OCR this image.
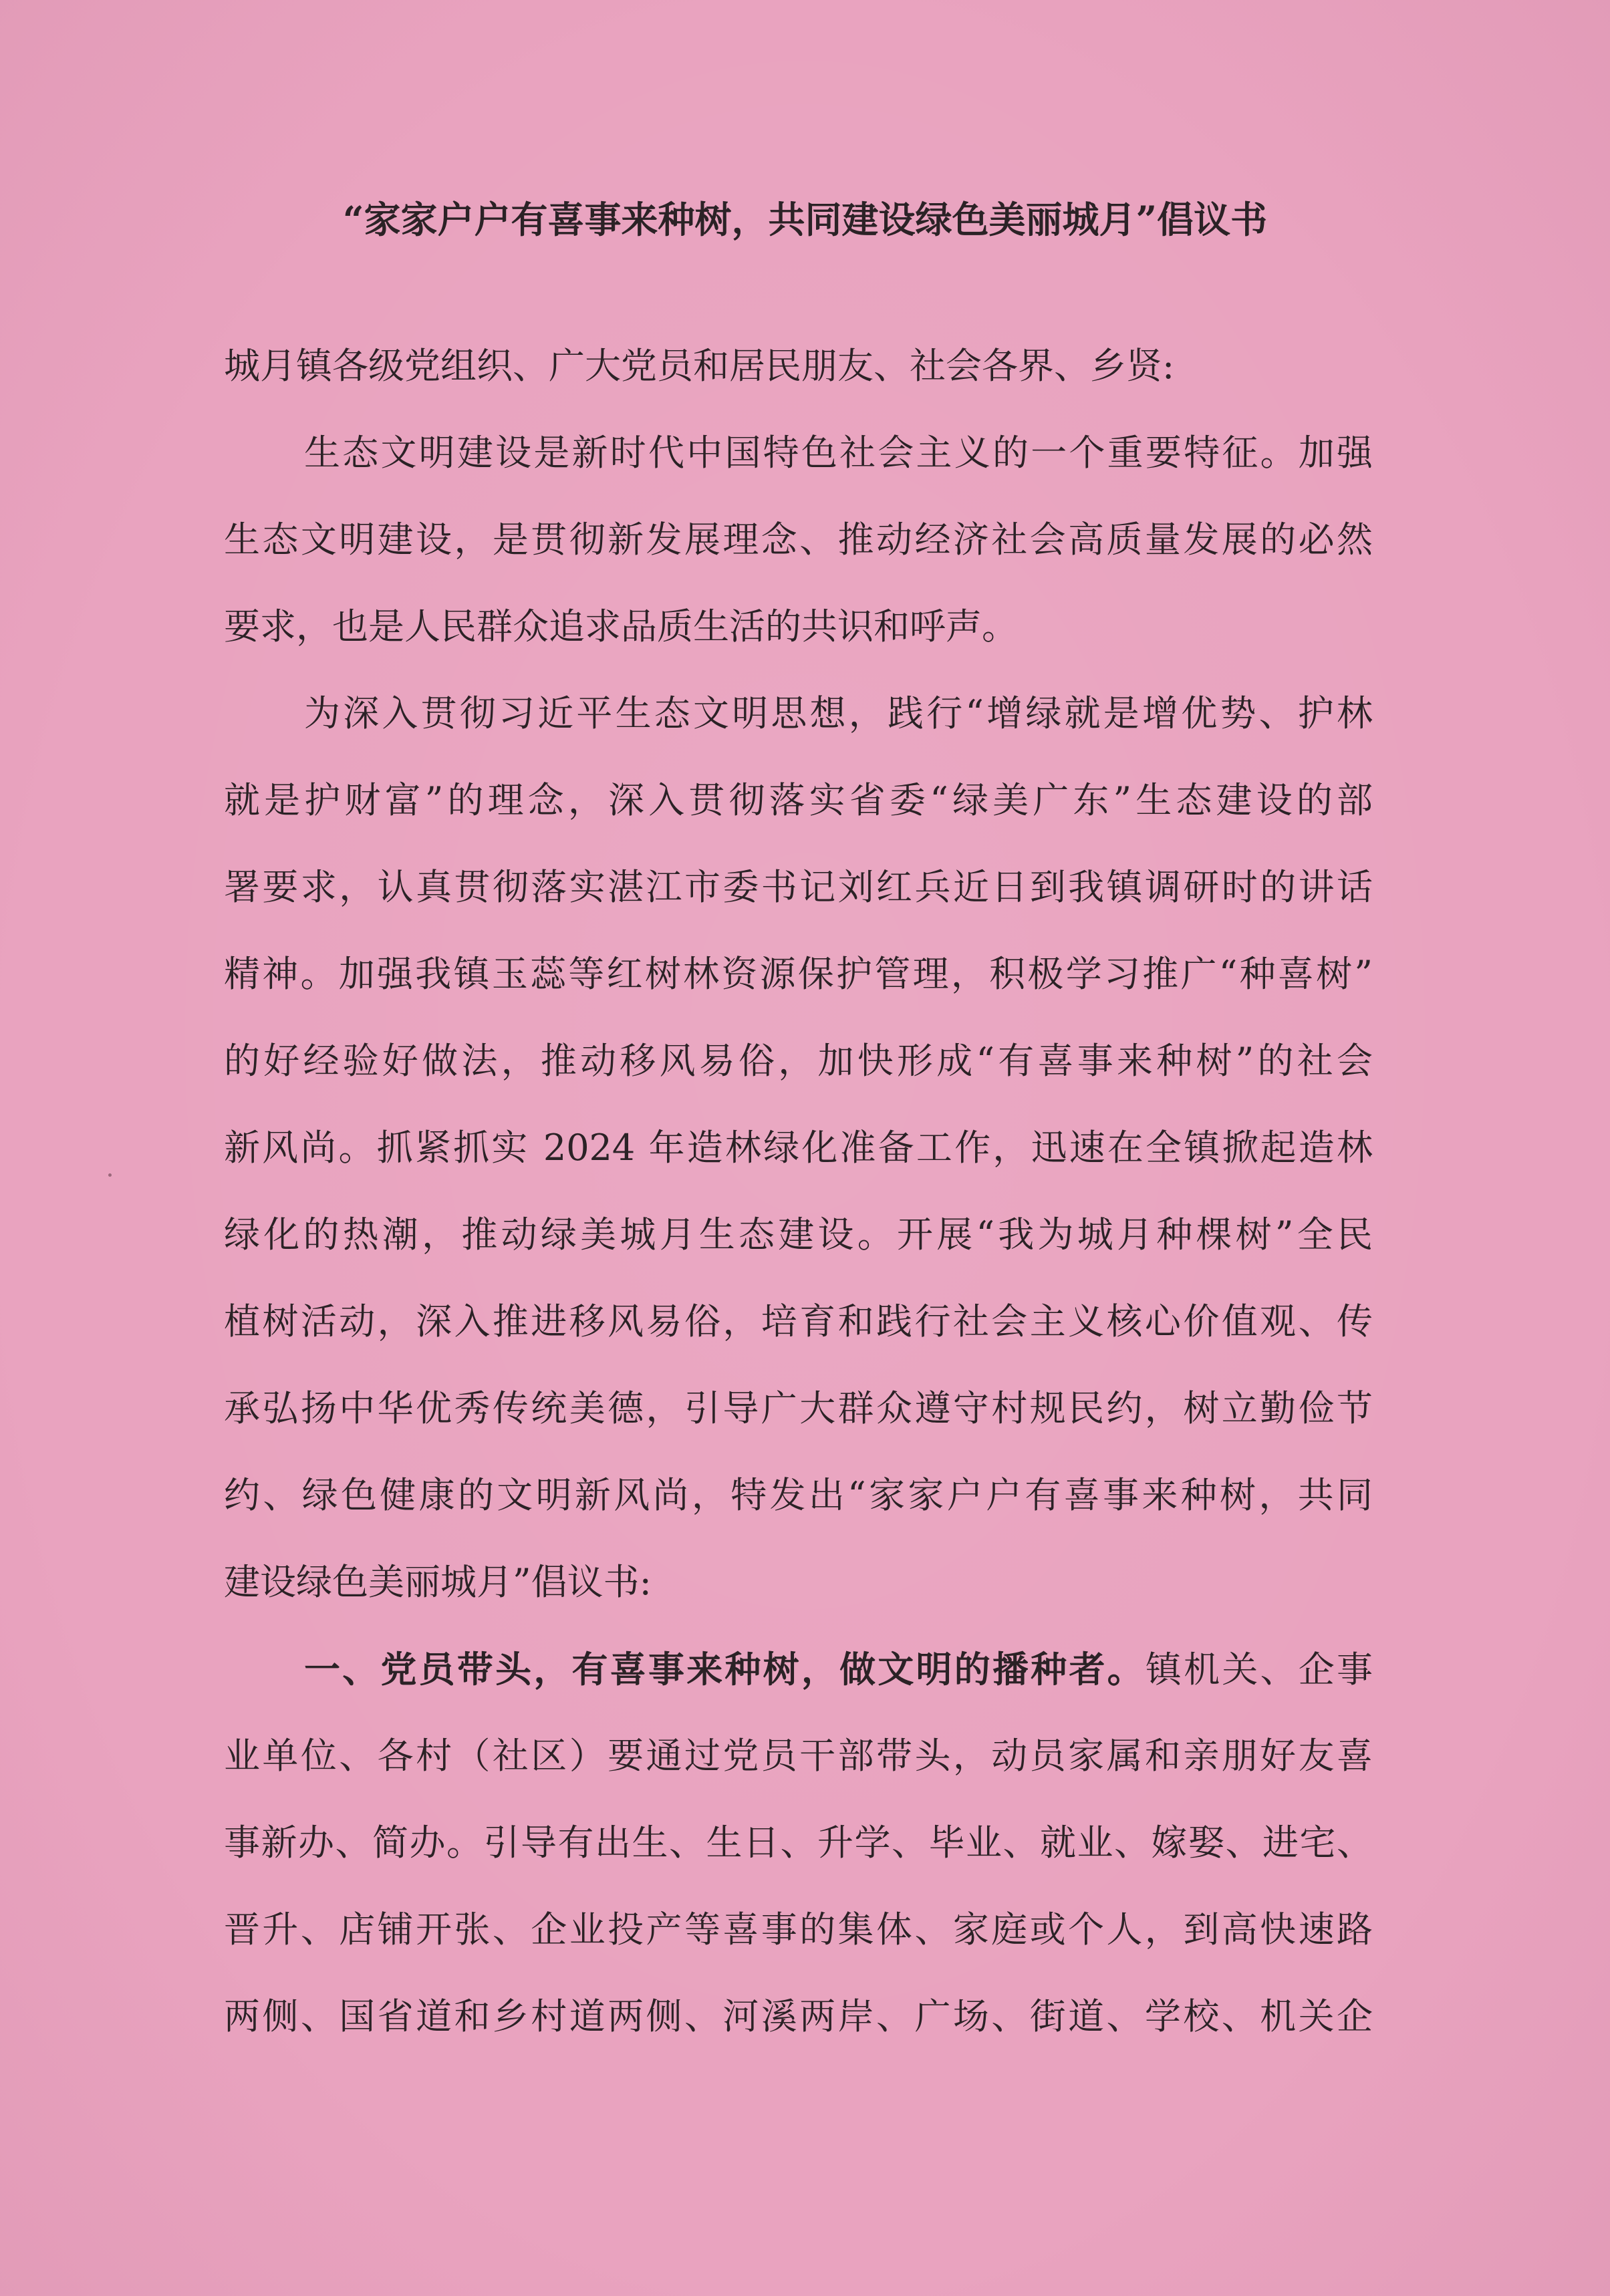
“家家户户有喜事来种树，共同建设绿色美丽城月”倡议书
城月镇各级党组织、广大党员和居民朋友、社会各界、乡贤:
生态文明建设是新时代中国特色社会主义的一个重要特征。加强
生态文明建设，是贯彻新发展理念、推动经济社会高质量发展的必然
要求，也是人民群众追求品质生活的共识和呼声。
为深入贯彻习近平生态文明思想，践行“增绿就是增优势、护林
就是护财富”的理念，深入贯彻落实省委“绿美广东”生态建设的部
署要求，认真贯彻落实湛江市委书记刘红兵近日到我镇调研时的讲话
精神。加强我镇玉蕊等红树林资源保护管理，积极学习推广“种喜树”
的好经验好做法，推动移风易俗，加快形成“有喜事来种树”的社会
新风尚。抓紧抓实 2024 年造林绿化准备工作，迅速在全镇掀起造林
绿化的热潮，推动绿美城月生态建设。开展“我为城月种棵树”全民
植树活动，深入推进移风易俗，培育和践行社会主义核心价值观、传
承弘扬中华优秀传统美德，引导广大群众遵守村规民约，树立勤俭节
约、绿色健康的文明新风尚，特发出“家家户户有喜事来种树，共同
建设绿色美丽城月”倡议书:
一、党员带头，有喜事来种树，做文明的播种者。镇机关、企事
业单位、各村（社区）要通过党员干部带头，动员家属和亲朋好友喜
事新办、简办。引导有出生、生日、升学、毕业、就业、嫁娶、进宅、
晋升、店铺开张、企业投产等喜事的集体、家庭或个人，到高快速路
两侧、国省道和乡村道两侧、河溪两岸、广场、街道、学校、机关企
